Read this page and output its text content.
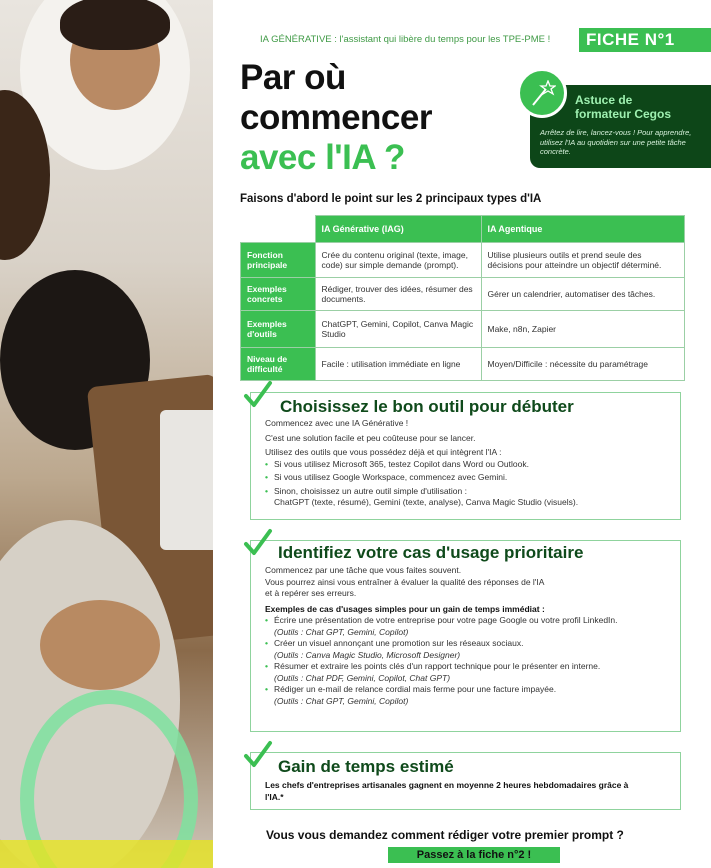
IA GÉNÉRATIVE : l'assistant qui libère du temps pour les TPE-PME !	FICHE N°1
Par où
commencer
avec l'IA ?
Astuce de
formateur Cegos
Arrêtez de lire, lancez-vous ! Pour apprendre, utilisez l'IA au quotidien sur une petite tâche concrète.
Faisons d'abord le point sur les 2 principaux types d'IA
	IA Générative (IAG)	IA Agentique
Fonction principale	Crée du contenu original (texte, image, code) sur simple demande (prompt).	Utilise plusieurs outils et prend seule des décisions pour atteindre un objectif déterminé.
Exemples concrets	Rédiger, trouver des idées, résumer des documents.	Gérer un calendrier, automatiser des tâches.
Exemples d'outils	ChatGPT, Gemini, Copilot, Canva Magic Studio	Make, n8n, Zapier
Niveau de difficulté	Facile : utilisation immédiate en ligne	Moyen/Difficile : nécessite du paramétrage
Choisissez le bon outil pour débuter

Commencez avec une IA Générative !

C'est une solution facile et peu coûteuse pour se lancer.

Utilisez des outils que vous possédez déjà et qui intègrent l'IA :

• Si vous utilisez Microsoft 365, testez Copilot dans Word ou Outlook.
• Si vous utilisez Google Workspace, commencez avec Gemini.
• Sinon, choisissez un autre outil simple d'utilisation :
ChatGPT (texte, résumé), Gemini (texte, analyse), Canva Magic Studio (visuels).
Identifiez votre cas d'usage prioritaire

Commencez par une tâche que vous faites souvent.

Vous pourrez ainsi vous entraîner à évaluer la qualité des réponses de l'IA

et à repérer ses erreurs.

Exemples de cas d'usages simples pour un gain de temps immédiat :

• Écrire une présentation de votre entreprise pour votre page Google ou votre profil LinkedIn.
(Outils : Chat GPT, Gemini, Copilot)
• Créer un visuel annonçant une promotion sur les réseaux sociaux.
(Outils : Canva Magic Studio, Microsoft Designer)
• Résumer et extraire les points clés d'un rapport technique pour le présenter en interne.
(Outils : Chat PDF, Gemini, Copilot, Chat GPT)
• Rédiger un e-mail de relance cordial mais ferme pour une facture impayée.
(Outils : Chat GPT, Gemini, Copilot)
Gain de temps estimé
Les chefs d'entreprises artisanales gagnent en moyenne 2 heures hebdomadaires grâce à l'IA.*
Vous vous demandez comment rédiger votre premier prompt ?
Passez à la fiche n°2 !
